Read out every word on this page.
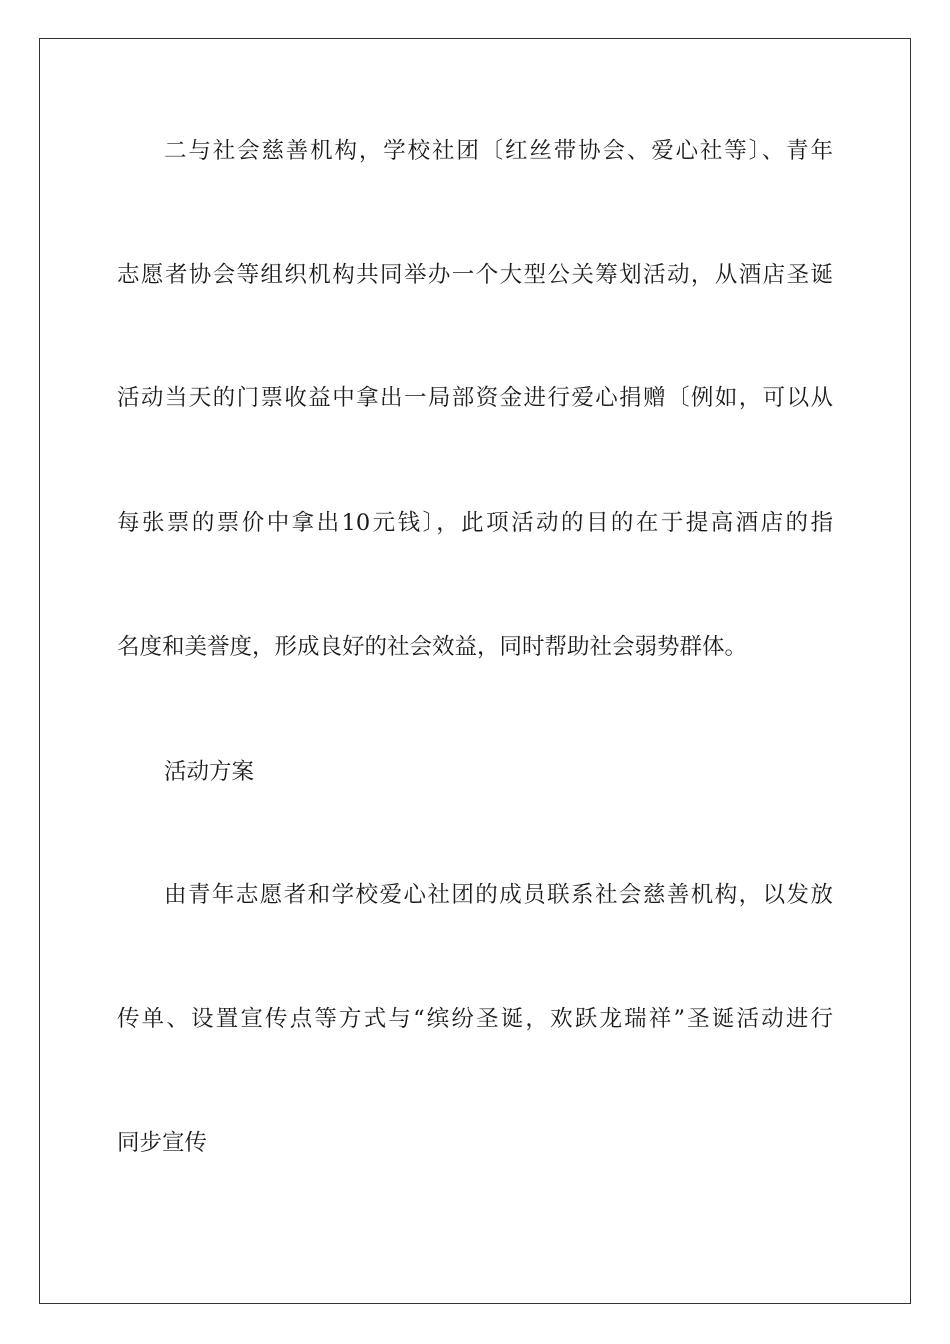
二与社会慈善机构，学校社团〔红丝带协会、爱心社等〕、青年
志愿者协会等组织机构共同举办一个大型公关筹划活动，从酒店圣诞
活动当天的门票收益中拿出一局部资金进行爱心捐赠〔例如，可以从
每张票的票价中拿出10元钱〕，此项活动的目的在于提高酒店的指
名度和美誉度，形成良好的社会效益，同时帮助社会弱势群体。
活动方案
由青年志愿者和学校爱心社团的成员联系社会慈善机构，以发放
传单、设置宣传点等方式与“缤纷圣诞，欢跃龙瑞祥”圣诞活动进行
同步宣传
